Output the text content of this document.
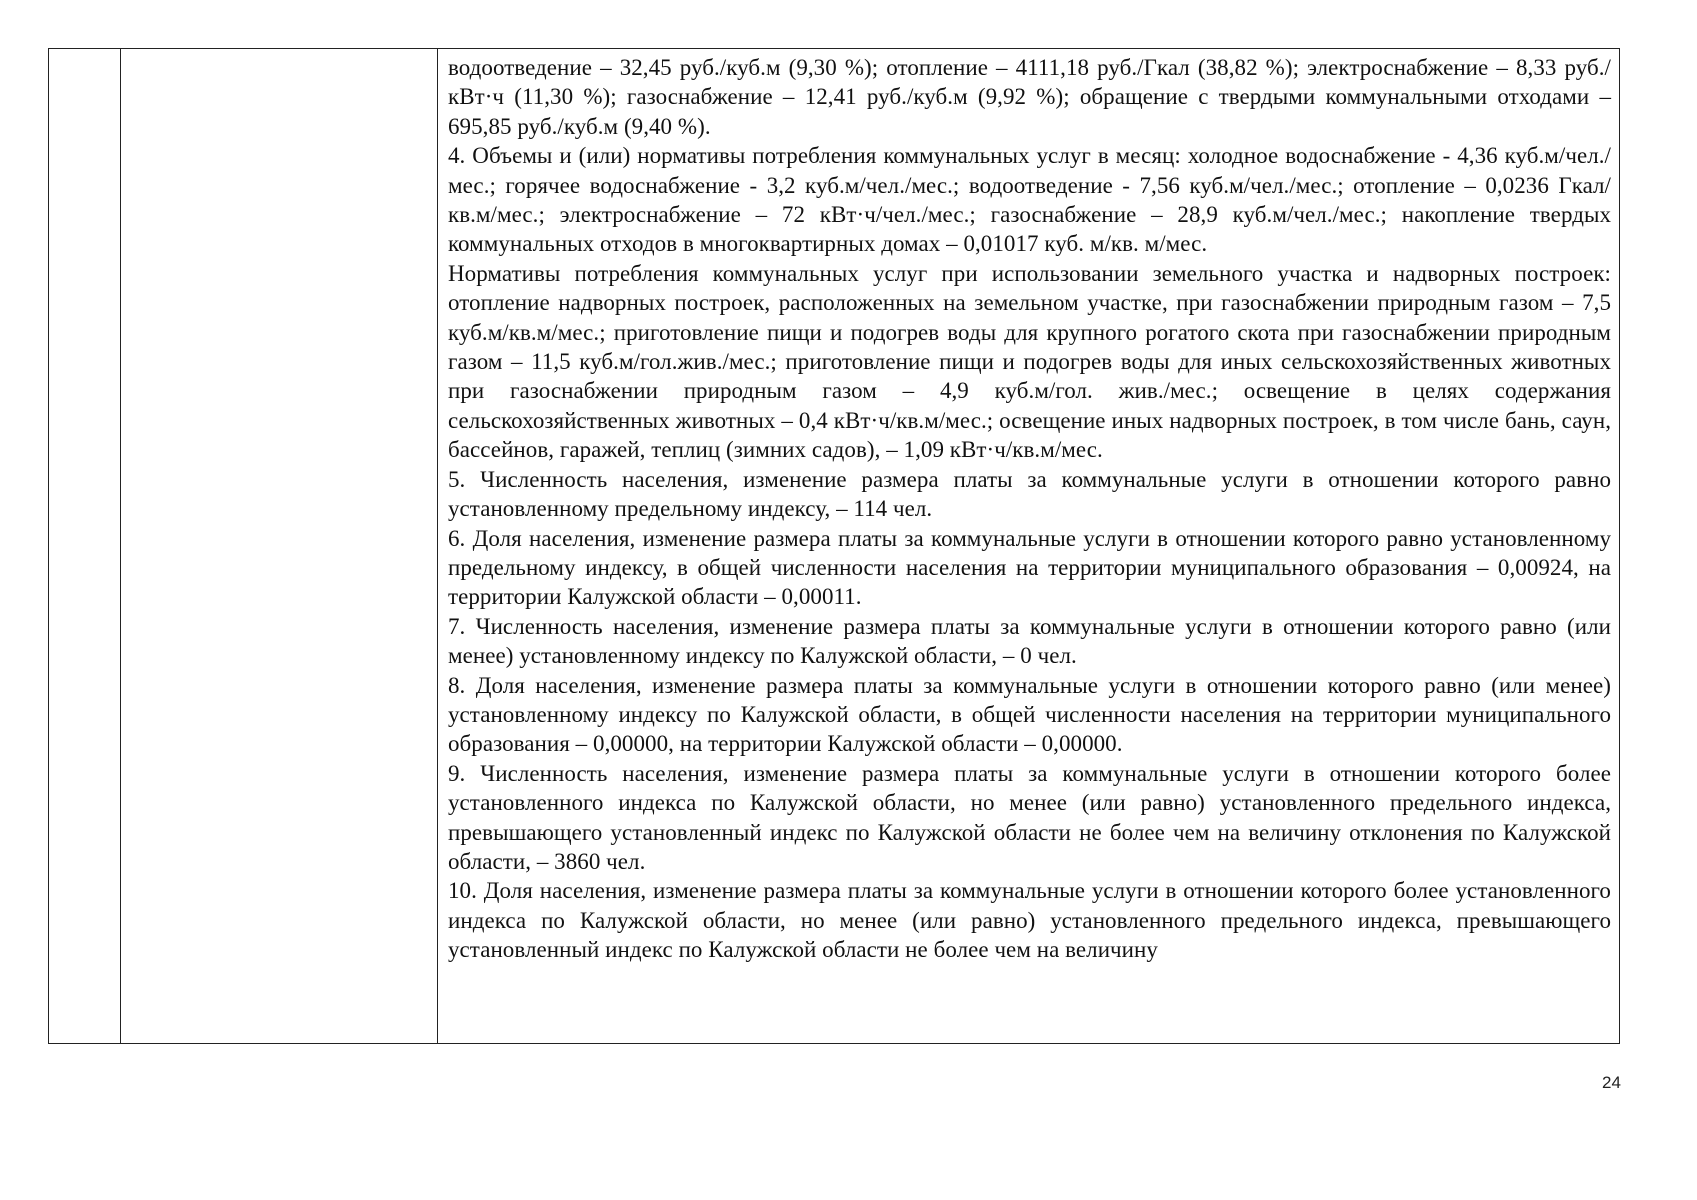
водоотведение – 32,45 руб./куб.м (9,30 %); отопление – 4111,18 руб./Гкал (38,82 %); электроснабжение – 8,33 руб./кВт·ч (11,30 %); газоснабжение – 12,41 руб./куб.м (9,92 %); обращение с твердыми коммунальными отходами – 695,85 руб./куб.м (9,40 %).

4. Объемы и (или) нормативы потребления коммунальных услуг в месяц: холодное водоснабжение - 4,36 куб.м/чел./мес.; горячее водоснабжение - 3,2 куб.м/чел./мес.; водоотведение - 7,56 куб.м/чел./мес.; отопление – 0,0236 Гкал/кв.м/мес.; электроснабжение – 72 кВт·ч/чел./мес.; газоснабжение – 28,9 куб.м/чел./мес.; накопление твердых коммунальных отходов в многоквартирных домах – 0,01017 куб. м/кв. м/мес.

Нормативы потребления коммунальных услуг при использовании земельного участка и надворных построек: отопление надворных построек, расположенных на земельном участке, при газоснабжении природным газом – 7,5 куб.м/кв.м/мес.; приготовление пищи и подогрев воды для крупного рогатого скота при газоснабжении природным газом – 11,5 куб.м/гол.жив./мес.; приготовление пищи и подогрев воды для иных сельскохозяйственных животных при газоснабжении природным газом – 4,9 куб.м/гол. жив./мес.; освещение в целях содержания сельскохозяйственных животных – 0,4 кВт·ч/кв.м/мес.; освещение иных надворных построек, в том числе бань, саун, бассейнов, гаражей, теплиц (зимних садов), – 1,09 кВт·ч/кв.м/мес.

5. Численность населения, изменение размера платы за коммунальные услуги в отношении которого равно установленному предельному индексу, – 114 чел.

6. Доля населения, изменение размера платы за коммунальные услуги в отношении которого равно установленному предельному индексу, в общей численности населения на территории муниципального образования – 0,00924, на территории Калужской области – 0,00011.

7. Численность населения, изменение размера платы за коммунальные услуги в отношении которого равно (или менее) установленному индексу по Калужской области, – 0 чел.

8. Доля населения, изменение размера платы за коммунальные услуги в отношении которого равно (или менее) установленному индексу по Калужской области, в общей численности населения на территории муниципального образования – 0,00000, на территории Калужской области – 0,00000.

9. Численность населения, изменение размера платы за коммунальные услуги в отношении которого более установленного индекса по Калужской области, но менее (или равно) установленного предельного индекса, превышающего установленный индекс по Калужской области не более чем на величину отклонения по Калужской области, – 3860 чел.

10. Доля населения, изменение размера платы за коммунальные услуги в отношении которого более установленного индекса по Калужской области, но менее (или равно) установленного предельного индекса, превышающего установленный индекс по Калужской области не более чем на величину

24
